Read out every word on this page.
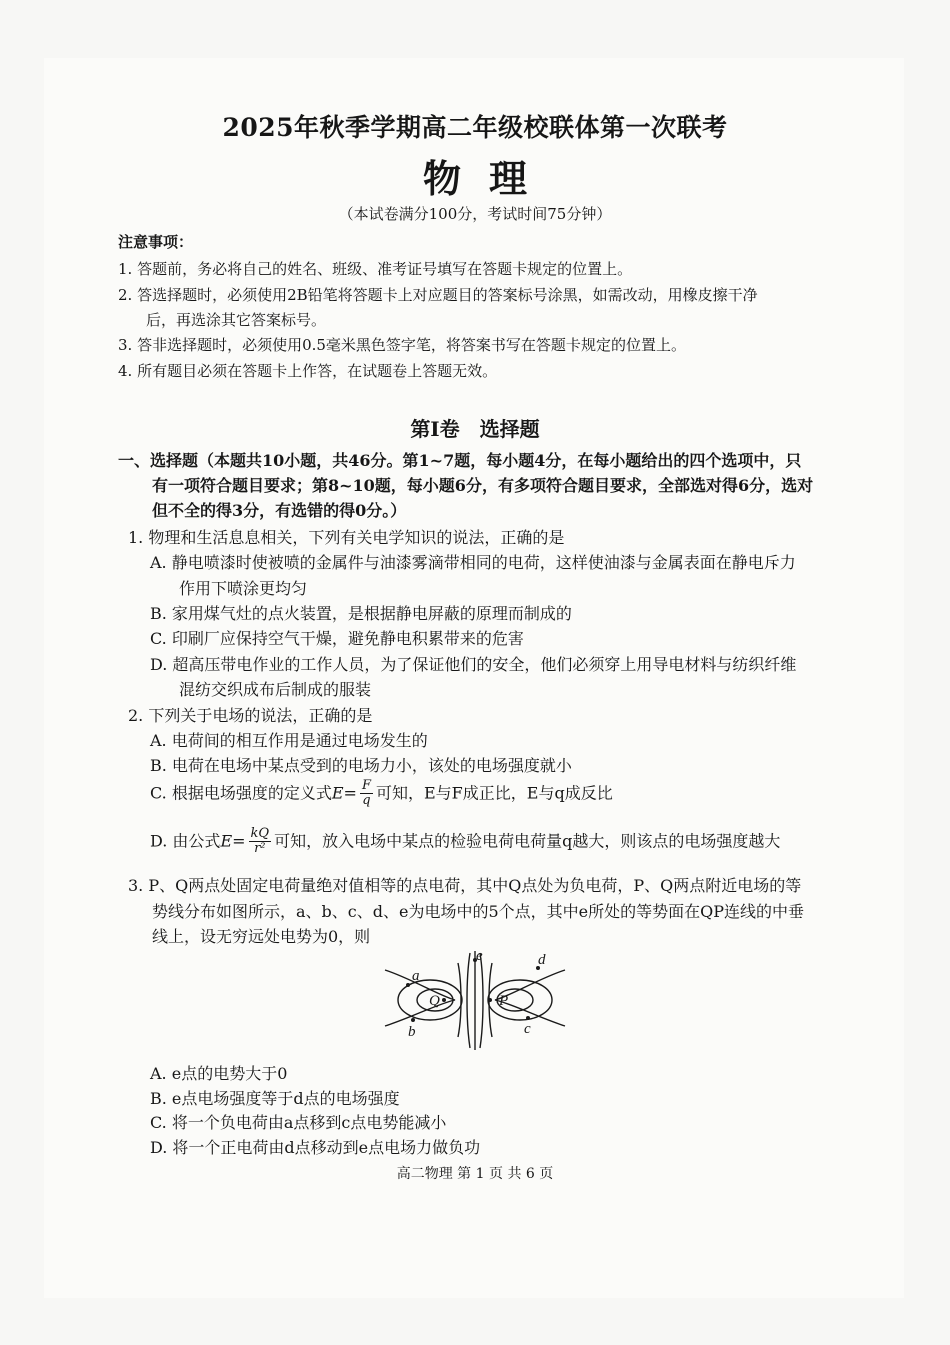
2025年秋季学期高二年级校联体第一次联考
物理
（本试卷满分100分，考试时间75分钟）
注意事项：
1. 答题前，务必将自己的姓名、班级、准考证号填写在答题卡规定的位置上。
2. 答选择题时，必须使用2B铅笔将答题卡上对应题目的答案标号涂黑，如需改动，用橡皮擦干净
后，再选涂其它答案标号。
3. 答非选择题时，必须使用0.5毫米黑色签字笔，将答案书写在答题卡规定的位置上。
4. 所有题目必须在答题卡上作答，在试题卷上答题无效。
第Ⅰ卷　选择题
一、选择题（本题共10小题，共46分。第1~7题，每小题4分，在每小题给出的四个选项中，只
有一项符合题目要求；第8~10题，每小题6分，有多项符合题目要求，全部选对得6分，选对
但不全的得3分，有选错的得0分。）
1. 物理和生活息息相关，下列有关电学知识的说法，正确的是
A. 静电喷漆时使被喷的金属件与油漆雾滴带相同的电荷，这样使油漆与金属表面在静电斥力
作用下喷涂更均匀
B. 家用煤气灶的点火装置，是根据静电屏蔽的原理而制成的
C. 印刷厂应保持空气干燥，避免静电积累带来的危害
D. 超高压带电作业的工作人员，为了保证他们的安全，他们必须穿上用导电材料与纺织纤维
混纺交织成布后制成的服装
2. 下列关于电场的说法，正确的是
A. 电荷间的相互作用是通过电场发生的
B. 电荷在电场中某点受到的电场力小，该处的电场强度就小
C. 根据电场强度的定义式$E= \frac{F}{q}$ 可知，E与F成正比，E与q成反比
D. 由公式$E= \frac{kQ}{\text{r²}}$ 可知，放入电场中某点的检验电荷电荷量q越大，则该点的电场强度越大
3. P、Q两点处固定电荷量绝对值相等的点电荷，其中Q点处为负电荷，P、Q两点附近电场的等
势线分布如图所示，a、b、c、d、e为电场中的5个点，其中e所处的等势面在QP连线的中垂
线上，设无穷远处电势为0，则
a
b	c
d
e
Q	P
A. e点的电势大于0
B. e点电场强度等于d点的电场强度
C. 将一个负电荷由a点移到c点电势能减小
D. 将一个正电荷由d点移动到e点电场力做负功
高二物理 第 1 页 共 6 页
